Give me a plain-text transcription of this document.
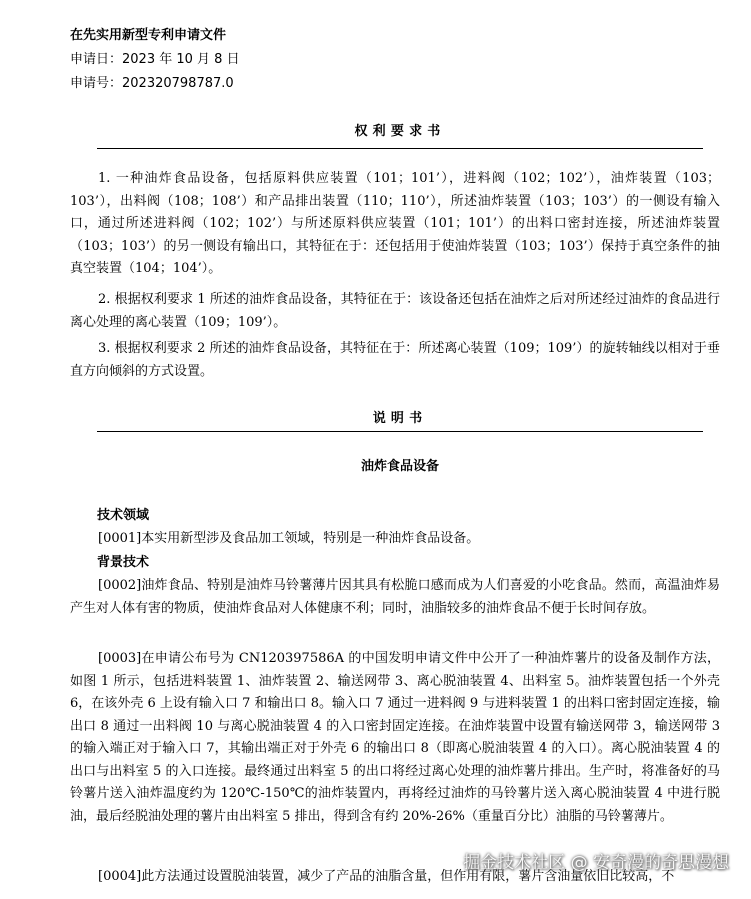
在先实用新型专利申请文件
申请日：2023 年 10 月 8 日
申请号：202320798787.0
权利要求书

1. 一种油炸食品设备，包括原料供应装置（101；101’），进料阀（102；102’），油炸装置（103；103’），出料阀（108；108’）和产品排出装置（110；110’），所述油炸装置（103；103’）的一侧设有输入口，通过所述进料阀（102；102’）与所述原料供应装置（101；101’）的出料口密封连接，所述油炸装置（103；103’）的另一侧设有输出口，其特征在于：还包括用于使油炸装置（103；103’）保持于真空条件的抽真空装置（104；104’）。

2. 根据权利要求 1 所述的油炸食品设备，其特征在于：该设备还包括在油炸之后对所述经过油炸的食品进行离心处理的离心装置（109；109’）。

3. 根据权利要求 2 所述的油炸食品设备，其特征在于：所述离心装置（109；109’）的旋转轴线以相对于垂直方向倾斜的方式设置。

说明书
油炸食品设备
技术领域

[0001]本实用新型涉及食品加工领域，特别是一种油炸食品设备。

背景技术

[0002]油炸食品、特别是油炸马铃薯薄片因其具有松脆口感而成为人们喜爱的小吃食品。然而，高温油炸易产生对人体有害的物质，使油炸食品对人体健康不利；同时，油脂较多的油炸食品不便于长时间存放。

[0003]在申请公布号为 CN120397586A 的中国发明申请文件中公开了一种油炸薯片的设备及制作方法，如图 1 所示，包括进料装置 1、油炸装置 2、输送网带 3、离心脱油装置 4、出料室 5。油炸装置包括一个外壳 6，在该外壳 6 上设有输入口 7 和输出口 8。输入口 7 通过一进料阀 9 与进料装置 1 的出料口密封固定连接，输出口 8 通过一出料阀 10 与离心脱油装置 4 的入口密封固定连接。在油炸装置中设置有输送网带 3，输送网带 3 的输入端正对于输入口 7，其输出端正对于外壳 6 的输出口 8（即离心脱油装置 4 的入口）。离心脱油装置 4 的出口与出料室 5 的入口连接。最终通过出料室 5 的出口将经过离心处理的油炸薯片排出。生产时，将准备好的马铃薯片送入油炸温度约为 120℃-150℃的油炸装置内，再将经过油炸的马铃薯片送入离心脱油装置 4 中进行脱油，最后经脱油处理的薯片由出料室 5 排出，得到含有约 20%-26%（重量百分比）油脂的马铃薯薄片。

[0004]此方法通过设置脱油装置，减少了产品的油脂含量，但作用有限，薯片含油量依旧比较高，不

掘金技术社区 @ 安奇漫的奇思漫想
